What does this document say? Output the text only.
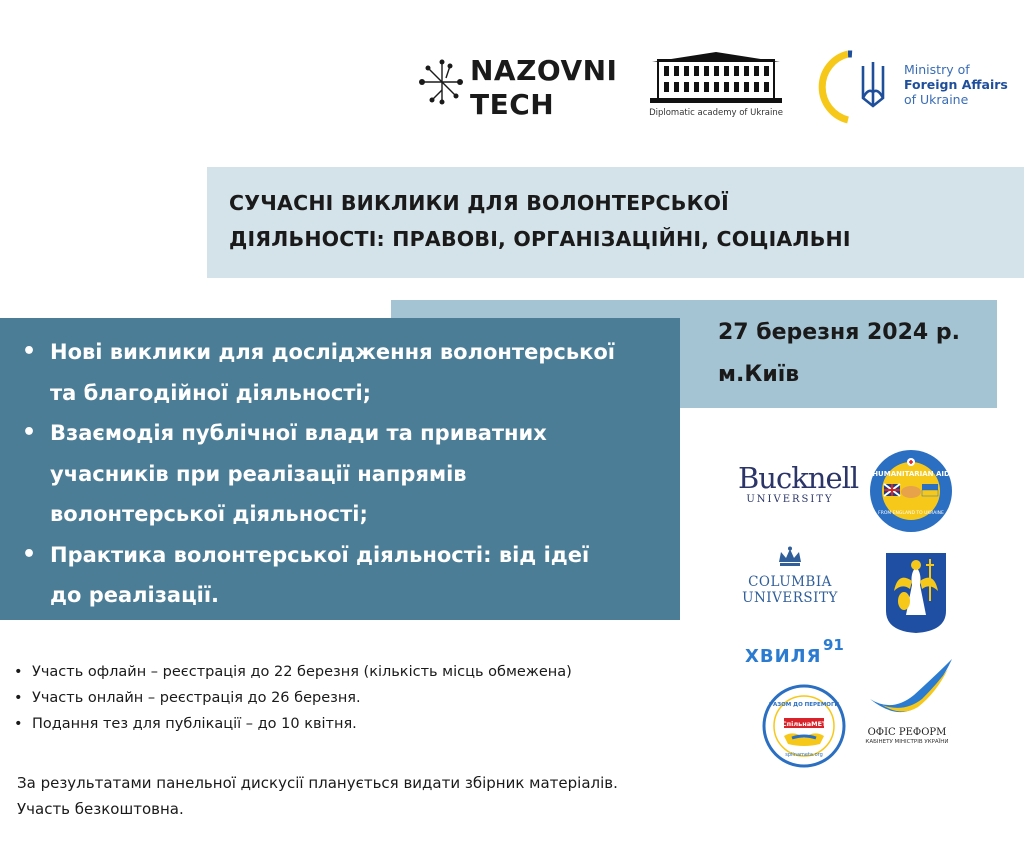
NAZOVNI
TECH	Diplomatic academy of Ukraine
Ministry of
Foreign Affairs
of Ukraine
СУЧАСНІ ВИКЛИКИ ДЛЯ ВОЛОНТЕРСЬКОЇ
ДІЯЛЬНОСТІ: ПРАВОВІ, ОРГАНІЗАЦІЙНІ, СОЦІАЛЬНІ
27 березня 2024 р.
м.Київ
• Нові виклики для дослідження волонтерської
та благодійної діяльності;
• Взаємодія публічної влади та приватних
учасників при реалізації напрямів
волонтерської діяльності;
• Практика волонтерської діяльності: від ідеї
до реалізації.
• Участь офлайн – реєстрація до 22 березня (кількість місць обмежена)
• Участь онлайн – реєстрація до 26 березня.
• Подання тез для публікації – до 10 квітня.
За результатами панельної дискусії планується видати збірник матеріалів.
Участь безкоштовна.
Bucknell
UNIVERSITY
HUMANITARIAN AID
FROM ENGLAND TO UKRAINE
COLUMBIA
UNIVERSITY
ХВИЛЯ
91
РАЗОМ ДО ПЕРЕМОГИ
#СпільнаМЕТА
spilnameta.org
ОФІС РЕФОРМ
КАБІНЕТУ МІНІСТРІВ УКРАЇНИ
